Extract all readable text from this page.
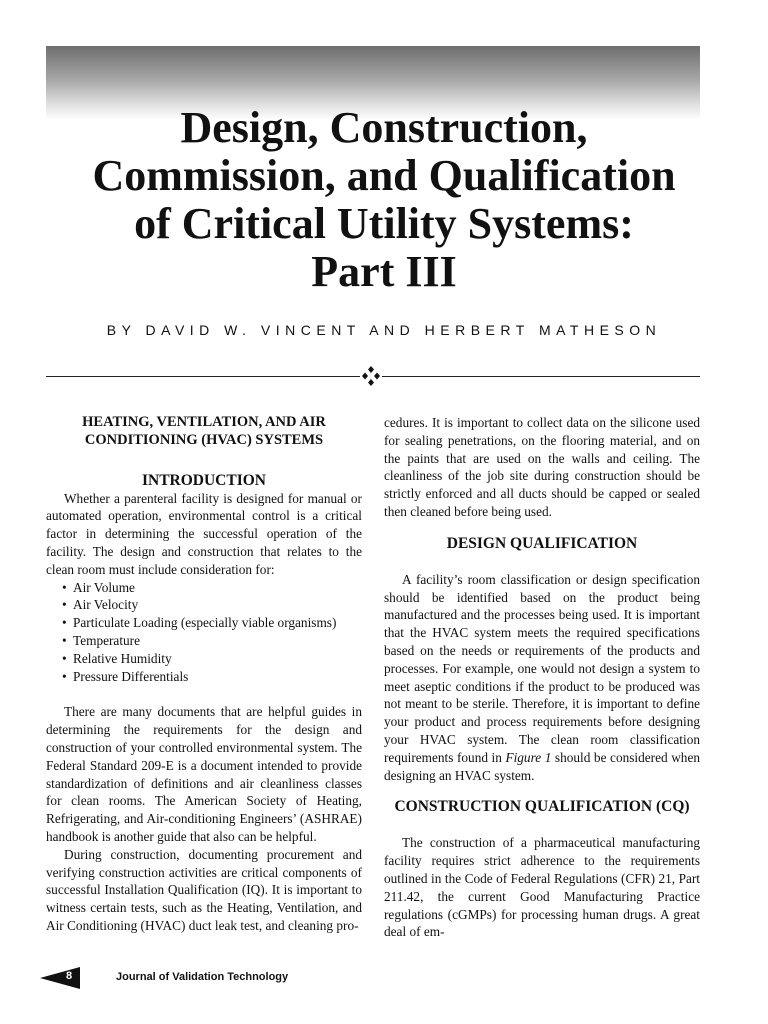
Design, Construction,
Commission, and Qualification
of Critical Utility Systems:
Part III
BY DAVID W. VINCENT AND HERBERT MATHESON
HEATING, VENTILATION, AND AIR
CONDITIONING (HVAC) SYSTEMS
INTRODUCTION

Whether a parenteral facility is designed for manual or automated operation, environmental control is a critical factor in determining the successful operation of the facility. The design and construction that relates to the clean room must include consideration for:

• Air Volume
• Air Velocity
• Particulate Loading (especially viable organisms)
• Temperature
• Relative Humidity
• Pressure Differentials

There are many documents that are helpful guides in determining the requirements for the design and construction of your controlled environmental system. The Federal Standard 209-E is a document intended to provide standardization of definitions and air cleanliness classes for clean rooms. The American Society of Heating, Refrigerating, and Air-conditioning Engineers’ (ASHRAE) handbook is another guide that also can be helpful.

During construction, documenting procurement and verifying construction activities are critical components of successful Installation Qualification (IQ). It is important to witness certain tests, such as the Heating, Ventilation, and Air Conditioning (HVAC) duct leak test, and cleaning pro-

cedures. It is important to collect data on the silicone used for sealing penetrations, on the flooring material, and on the paints that are used on the walls and ceiling. The cleanliness of the job site during construction should be strictly enforced and all ducts should be capped or sealed then cleaned before being used.

DESIGN QUALIFICATION

A facility’s room classification or design specification should be identified based on the product being manufactured and the processes being used. It is important that the HVAC system meets the required specifications based on the needs or requirements of the products and processes. For example, one would not design a system to meet aseptic conditions if the product to be produced was not meant to be sterile. Therefore, it is important to define your product and process requirements before designing your HVAC system. The clean room classification requirements found in Figure 1 should be considered when designing an HVAC system.

CONSTRUCTION QUALIFICATION (CQ)

The construction of a pharmaceutical manufacturing facility requires strict adherence to the requirements outlined in the Code of Federal Regulations (CFR) 21, Part 211.42, the current Good Manufacturing Practice regulations (cGMPs) for processing human drugs. A great deal of em-

8	Journal of Validation Technology
